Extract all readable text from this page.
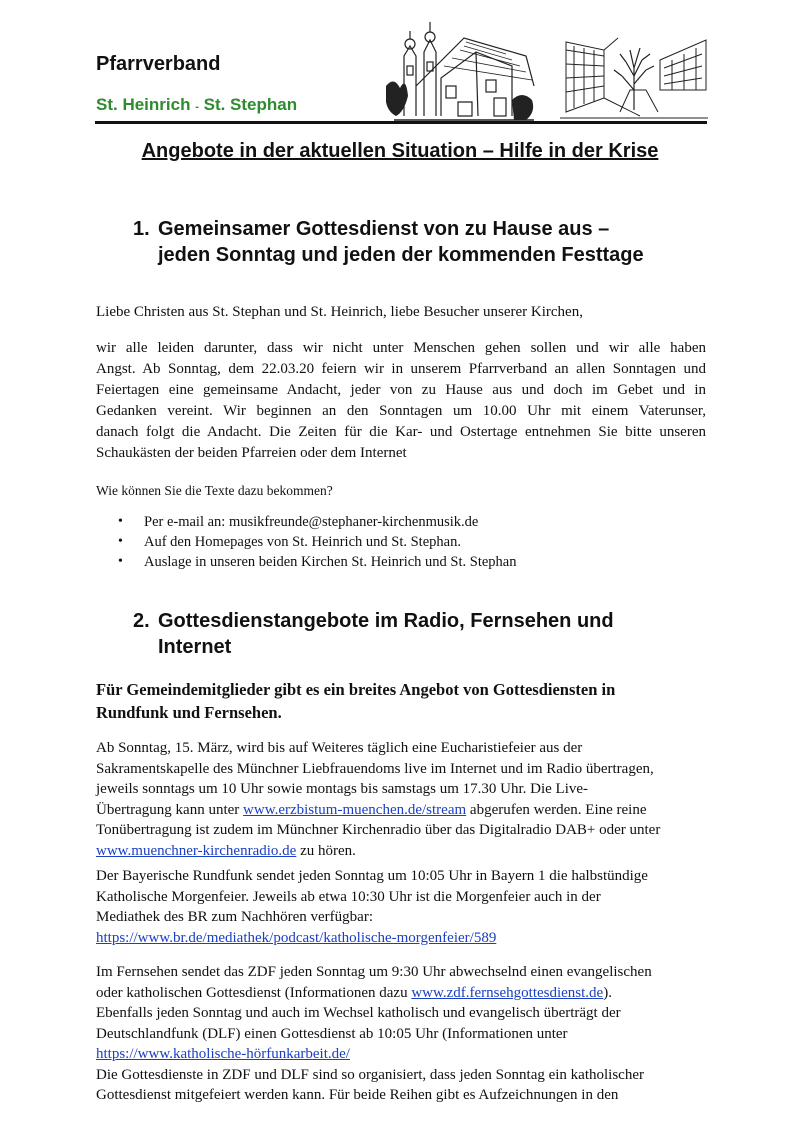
Pfarrverband
St. Heinrich - St. Stephan
Angebote in der aktuellen Situation – Hilfe in der Krise
1. Gemeinsamer Gottesdienst von zu Hause aus –
jeden Sonntag und jeden der kommenden Festtage
Liebe Christen aus St. Stephan und St. Heinrich, liebe Besucher unserer Kirchen,
wir alle leiden darunter, dass wir nicht unter Menschen gehen sollen und wir alle haben
Angst. Ab Sonntag, dem 22.03.20 feiern wir in unserem Pfarrverband an allen Sonntagen und
Feiertagen eine gemeinsame Andacht, jeder von zu Hause aus und doch im Gebet und in
Gedanken vereint. Wir beginnen an den Sonntagen um 10.00 Uhr mit einem Vaterunser,
danach folgt die Andacht. Die Zeiten für die Kar- und Ostertage entnehmen Sie bitte unseren
Schaukästen der beiden Pfarreien oder dem Internet
Wie können Sie die Texte dazu bekommen?
• Per e-mail an: musikfreunde@stephaner-kirchenmusik.de
• Auf den Homepages von St. Heinrich und St. Stephan.
• Auslage in unseren beiden Kirchen St. Heinrich und St. Stephan
2. Gottesdienstangebote im Radio, Fernsehen und
Internet
Für Gemeindemitglieder gibt es ein breites Angebot von Gottesdiensten in
Rundfunk und Fernsehen.
Ab Sonntag, 15. März, wird bis auf Weiteres täglich eine Eucharistiefeier aus der
Sakramentskapelle des Münchner Liebfrauendoms live im Internet und im Radio übertragen,
jeweils sonntags um 10 Uhr sowie montags bis samstags um 17.30 Uhr. Die Live-
Übertragung kann unter www.erzbistum-muenchen.de/stream abgerufen werden. Eine reine
Tonübertragung ist zudem im Münchner Kirchenradio über das Digitalradio DAB+ oder unter
www.muenchner-kirchenradio.de zu hören.
Der Bayerische Rundfunk sendet jeden Sonntag um 10:05 Uhr in Bayern 1 die halbstündige
Katholische Morgenfeier. Jeweils ab etwa 10:30 Uhr ist die Morgenfeier auch in der
Mediathek des BR zum Nachhören verfügbar:
https://www.br.de/mediathek/podcast/katholische-morgenfeier/589
Im Fernsehen sendet das ZDF jeden Sonntag um 9:30 Uhr abwechselnd einen evangelischen
oder katholischen Gottesdienst (Informationen dazu www.zdf.fernsehgottesdienst.de).
Ebenfalls jeden Sonntag und auch im Wechsel katholisch und evangelisch überträgt der
Deutschlandfunk (DLF) einen Gottesdienst ab 10:05 Uhr (Informationen unter
https://www.katholische-hörfunkarbeit.de/
Die Gottesdienste in ZDF und DLF sind so organisiert, dass jeden Sonntag ein katholischer
Gottesdienst mitgefeiert werden kann. Für beide Reihen gibt es Aufzeichnungen in den
